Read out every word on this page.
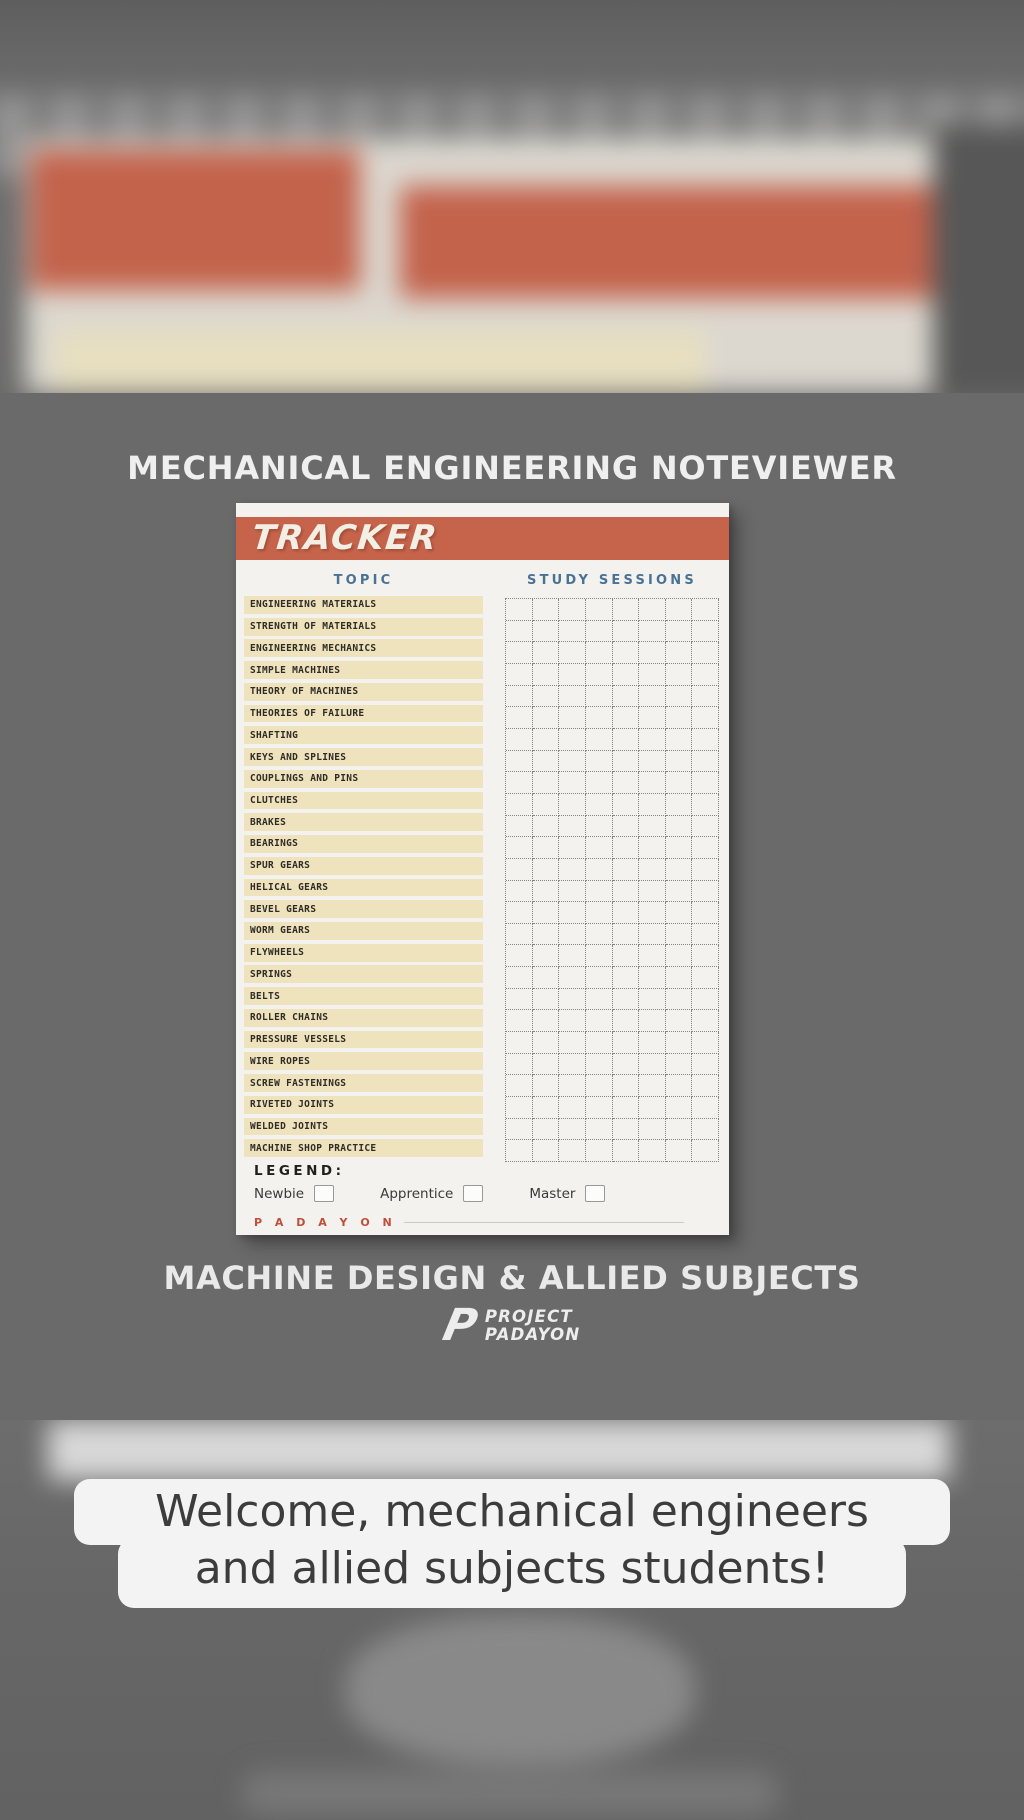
MECHANICAL ENGINEERING NOTEVIEWER
TRACKER
TOPIC	STUDY SESSIONS
ENGINEERING MATERIALS
STRENGTH OF MATERIALS
ENGINEERING MECHANICS
SIMPLE MACHINES
THEORY OF MACHINES
THEORIES OF FAILURE
SHAFTING
KEYS AND SPLINES
COUPLINGS AND PINS
CLUTCHES
BRAKES
BEARINGS
SPUR GEARS
HELICAL GEARS
BEVEL GEARS
WORM GEARS
FLYWHEELS
SPRINGS
BELTS
ROLLER CHAINS
PRESSURE VESSELS
WIRE ROPES
SCREW FASTENINGS
RIVETED JOINTS
WELDED JOINTS
MACHINE SHOP PRACTICE
LEGEND:
Newbie	Apprentice	Master
P A D A Y O N
MACHINE DESIGN & ALLIED SUBJECTS
P PROJECT
PADAYON
Welcome, mechanical engineers
and allied subjects students!
